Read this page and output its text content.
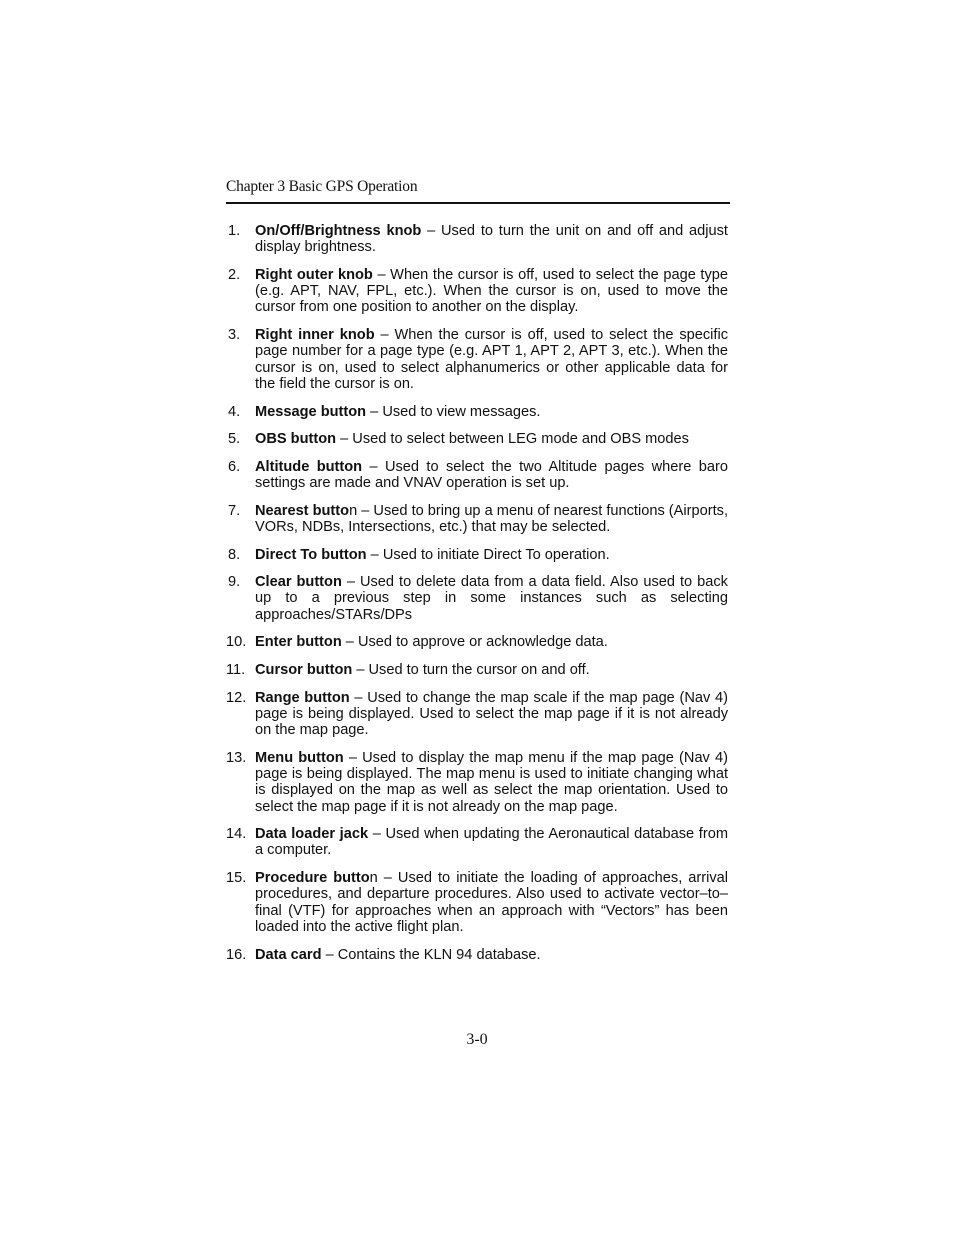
Chapter 3 Basic GPS Operation
1. On/Off/Brightness knob – Used to turn the unit on and off and adjust display brightness.
2. Right outer knob – When the cursor is off, used to select the page type (e.g. APT, NAV, FPL, etc.). When the cursor is on, used to move the cursor from one position to another on the display.
3. Right inner knob – When the cursor is off, used to select the specific page number for a page type (e.g. APT 1, APT 2, APT 3, etc.). When the cursor is on, used to select alphanumerics or other applicable data for the field the cursor is on.
4. Message button – Used to view messages.
5. OBS button – Used to select between LEG mode and OBS modes
6. Altitude button – Used to select the two Altitude pages where baro settings are made and VNAV operation is set up.
7. Nearest button – Used to bring up a menu of nearest functions (Airports, VORs, NDBs, Intersections, etc.) that may be selected.
8. Direct To button – Used to initiate Direct To operation.
9. Clear button – Used to delete data from a data field. Also used to back up to a previous step in some instances such as selecting approaches/STARs/DPs
10. Enter button – Used to approve or acknowledge data.
11. Cursor button – Used to turn the cursor on and off.
12. Range button – Used to change the map scale if the map page (Nav 4) page is being displayed. Used to select the map page if it is not already on the map page.
13. Menu button – Used to display the map menu if the map page (Nav 4) page is being displayed. The map menu is used to initiate changing what is displayed on the map as well as select the map orientation. Used to select the map page if it is not already on the map page.
14. Data loader jack – Used when updating the Aeronautical database from a computer.
15. Procedure button – Used to initiate the loading of approaches, arrival procedures, and departure procedures. Also used to activate vector–to–final (VTF) for approaches when an approach with “Vectors” has been loaded into the active flight plan.
16. Data card – Contains the KLN 94 database.
3-0
